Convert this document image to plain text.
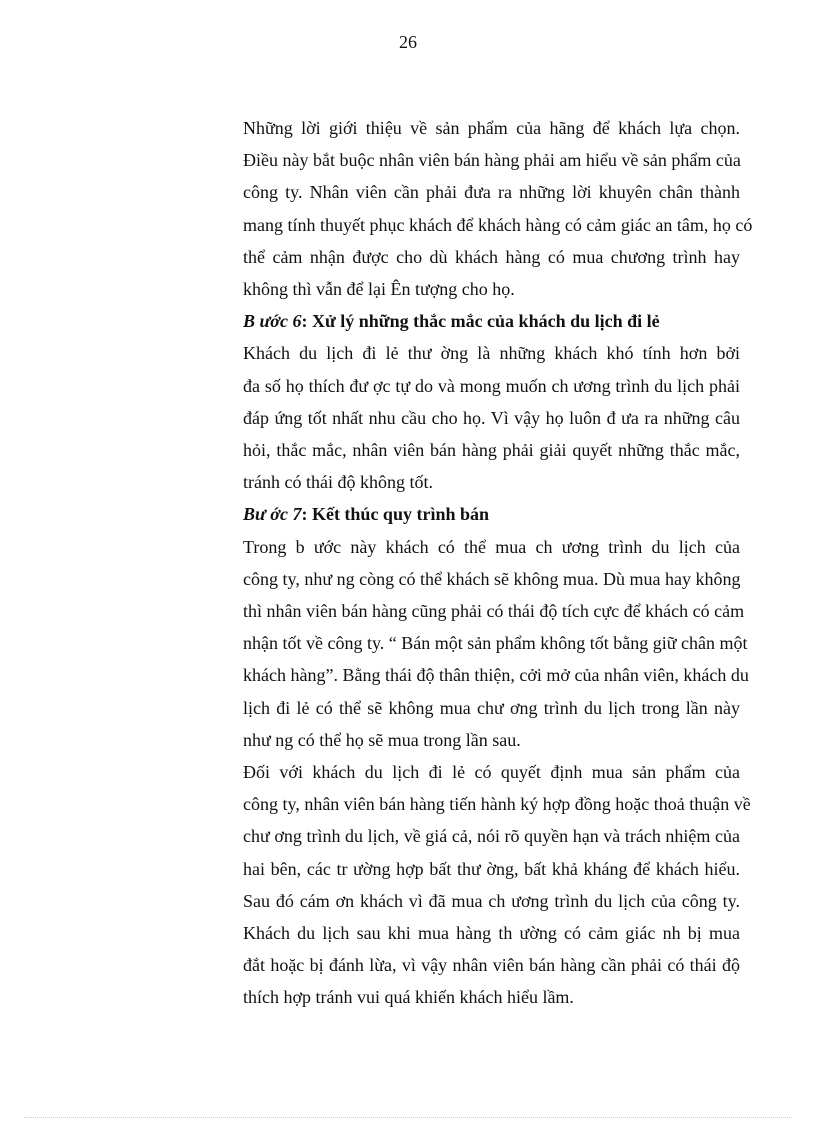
26

Những lời giới thiệu về sản phẩm của hãng để khách lựa chọn.
Điều này bắt buộc nhân viên bán hàng phải am hiểu về sản phẩm của
công ty. Nhân viên cần phải đưa ra những lời khuyên chân thành
mang tính thuyết phục khách để khách hàng có cảm giác an tâm, họ có
thể cảm nhận được cho dù khách hàng có mua chương trình hay
không thì vẫn để lại Ên tượng cho họ.

B ước 6: Xử lý những thắc mắc của khách du lịch đi lẻ

Khách du lịch đi lẻ thư ờng là những khách khó tính hơn bởi
đa số họ thích đư ợc tự do và mong muốn ch ương trình du lịch phải
đáp ứng tốt nhất nhu cầu cho họ. Vì vậy họ luôn đ ưa ra những câu
hỏi, thắc mắc, nhân viên bán hàng phải giải quyết những thắc mắc,
tránh có thái độ không tốt.

Bư ớc 7: Kết thúc quy trình bán

Trong b ước này khách có thể mua ch ương trình du lịch của
công ty, như ng còng có thể khách sẽ không mua. Dù mua hay không
thì nhân viên bán hàng cũng phải có thái độ tích cực để khách có cảm
nhận tốt về công ty. “ Bán một sản phẩm không tốt bằng giữ chân một
khách hàng”. Bằng thái độ thân thiện, cởi mở của nhân viên, khách du
lịch đi lẻ có thể sẽ không mua chư ơng trình du lịch trong lần này
như ng có thể họ sẽ mua trong lần sau.

Đối với khách du lịch đi lẻ có quyết định mua sản phẩm của
công ty, nhân viên bán hàng tiến hành ký hợp đồng hoặc thoả thuận về
chư ơng trình du lịch, về giá cả, nói rõ quyền hạn và trách nhiệm của
hai bên, các tr ường hợp bất thư ờng, bất khả kháng để khách hiểu.
Sau đó cám ơn khách vì đã mua ch ương trình du lịch của công ty.
Khách du lịch sau khi mua hàng th ường có cảm giác nh bị mua
đắt hoặc bị đánh lừa, vì vậy nhân viên bán hàng cần phải có thái độ
thích hợp tránh vui quá khiến khách hiểu lầm.
